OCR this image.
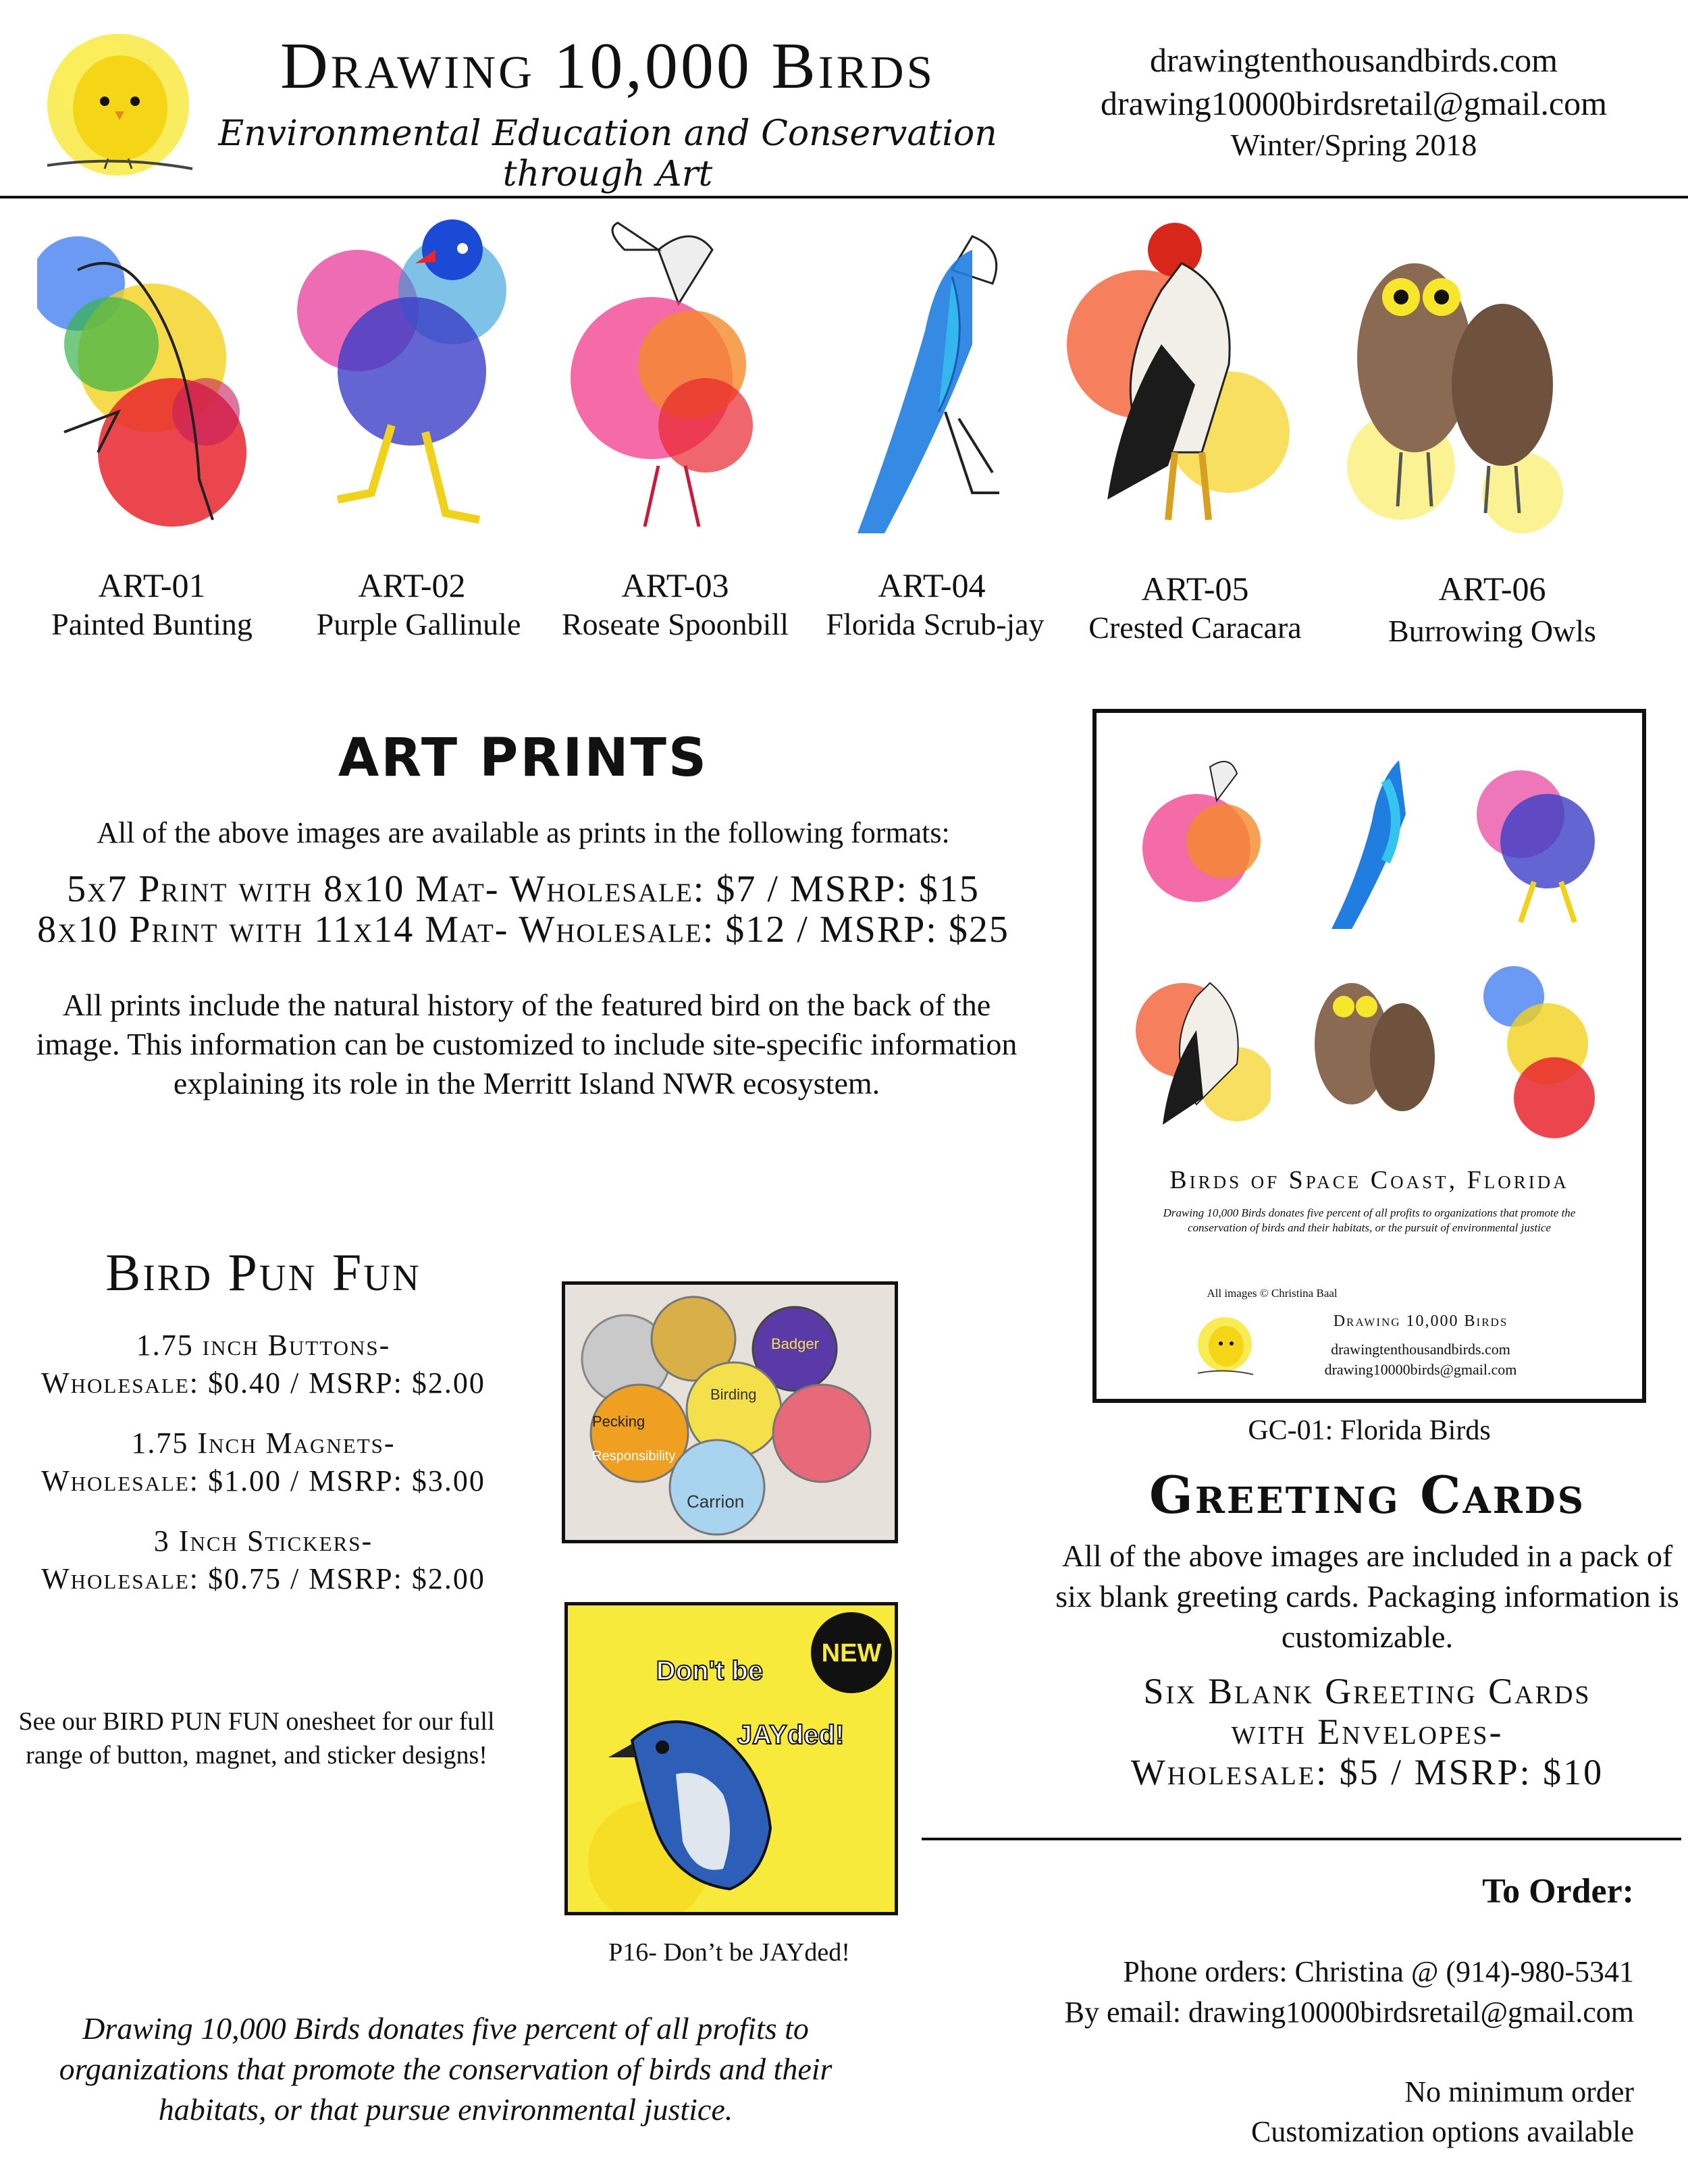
Drawing 10,000 Birds
Environmental Education and Conservation through Art
drawingtenthousandbirds.com
drawing10000birdsretail@gmail.com
Winter/Spring 2018
ART-01
Painted Bunting
ART-02
Purple Gallinule
ART-03
Roseate Spoonbill
ART-04
Florida Scrub-jay
ART-05
Crested Caracara
ART-06
Burrowing Owls
ART PRINTS
All of the above images are available as prints in the following formats:
5x7 Print with 8x10 Mat- Wholesale: $7 / MSRP: $15
8x10 Print with 11x14 Mat- Wholesale: $12 / MSRP: $25
All prints include the natural history of the featured bird on the back of the image. This information can be customized to include site-specific information explaining its role in the Merritt Island NWR ecosystem.
Birds of Space Coast, Florida
Drawing 10,000 Birds donates five percent of all profits to organizations that promote the conservation of birds and their habitats, or the pursuit of environmental justice
All images © Christina Baal
Drawing 10,000 Birds
drawingtenthousandbirds.com
drawing10000birds@gmail.com
GC-01: Florida Birds
Greeting Cards
All of the above images are included in a pack of six blank greeting cards. Packaging information is customizable.
Six Blank Greeting Cards
with Envelopes-
Wholesale: $5 / MSRP: $10
Bird Pun Fun
1.75 inch Buttons-
Wholesale: $0.40 / MSRP: $2.00
1.75 Inch Magnets-
Wholesale: $1.00 / MSRP: $3.00
3 Inch Stickers-
Wholesale: $0.75 / MSRP: $2.00
See our BIRD PUN FUN onesheet for our full range of button, magnet, and sticker designs!
Pecking
Responsibility
Birding
Badger
Carrion
NEW
Don't be
JAYded!
P16- Don’t be JAYded!
Drawing 10,000 Birds donates five percent of all profits to organizations that promote the conservation of birds and their habitats, or that pursue environmental justice.
To Order:
Phone orders: Christina @ (914)-980-5341
By email: drawing10000birdsretail@gmail.com
No minimum order
Customization options available
